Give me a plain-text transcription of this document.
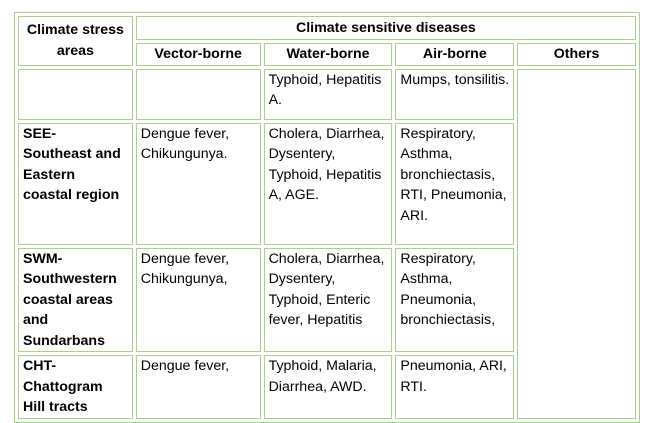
Climate stress areas	Climate sensitive diseases			
	Vector-borne	Water-borne	Air-borne	Others
		Typhoid, Hepatitis A.	Mumps, tonsilitis.	
SEE- Southeast and Eastern coastal region	Dengue fever, Chikungunya.	Cholera, Diarrhea, Dysentery, Typhoid, Hepatitis A, AGE.	Respiratory, Asthma, bronchiectasis, RTI, Pneumonia, ARI.	
SWM- Southwestern coastal areas and Sundarbans	Dengue fever, Chikungunya,	Cholera, Diarrhea, Dysentery, Typhoid, Enteric fever, Hepatitis	Respiratory, Asthma, Pneumonia, bronchiectasis,	
CHT- Chattogram Hill tracts	Dengue fever,	Typhoid, Malaria, Diarrhea, AWD.	Pneumonia, ARI, RTI.	
